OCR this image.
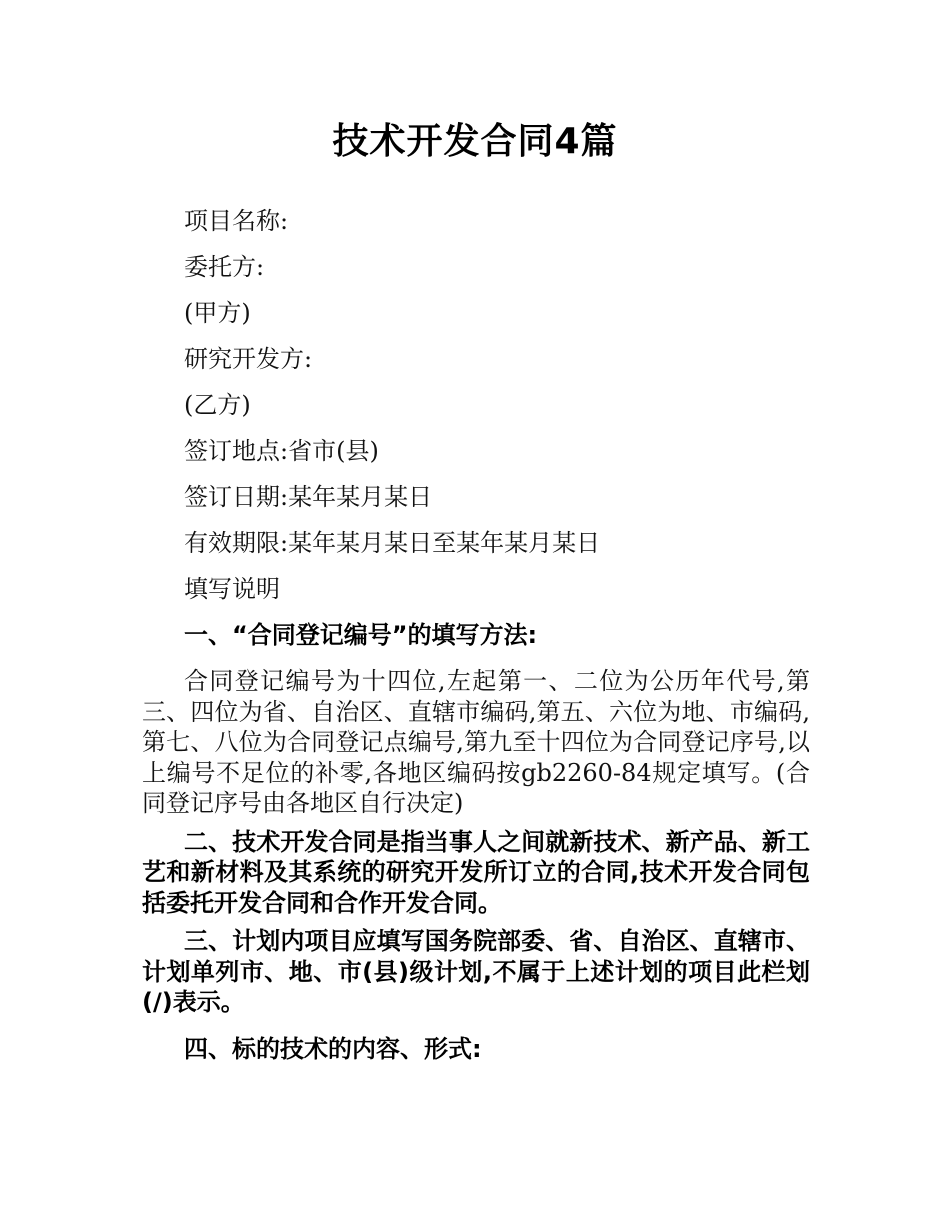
技术开发合同4篇
项目名称:
委托方:
(甲方)
研究开发方:
(乙方)
签订地点:省市(县)
签订日期:某年某月某日
有效期限:某年某月某日至某年某月某日
填写说明
一、“合同登记编号”的填写方法:
合同登记编号为十四位,左起第一、二位为公历年代号,第三、四位为省、自治区、直辖市编码,第五、六位为地、市编码,第七、八位为合同登记点编号,第九至十四位为合同登记序号,以上编号不足位的补零,各地区编码按gb2260-84规定填写。(合同登记序号由各地区自行决定)
二、技术开发合同是指当事人之间就新技术、新产品、新工艺和新材料及其系统的研究开发所订立的合同,技术开发合同包括委托开发合同和合作开发合同。
三、计划内项目应填写国务院部委、省、自治区、直辖市、计划单列市、地、市(县)级计划,不属于上述计划的项目此栏划(/)表示。
四、标的技术的内容、形式:
